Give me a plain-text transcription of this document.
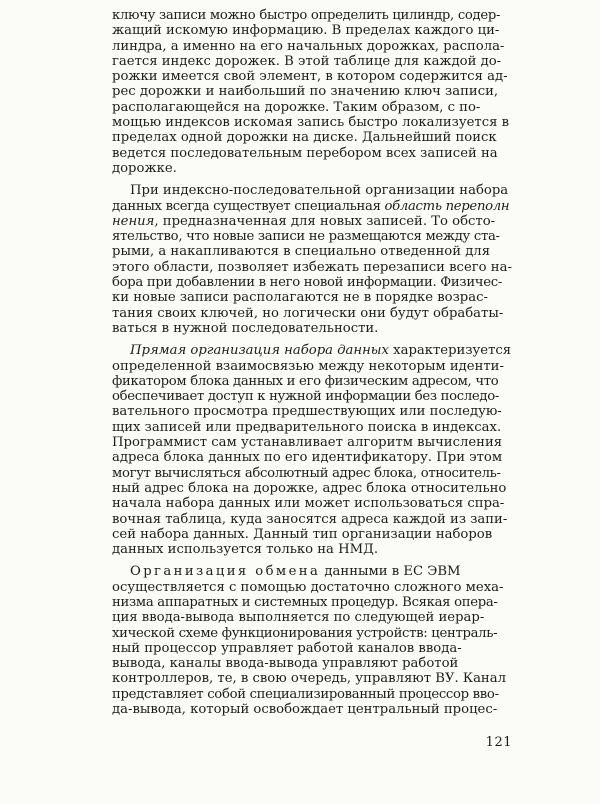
ключу записи можно быстро определить цилиндр, содер-
жащий искомую информацию. В пределах каждого ци-
линдра, а именно на его начальных дорожках, распола-
гается индекс дорожек. В этой таблице для каждой до-
рожки имеется свой элемент, в котором содержится ад-
рес дорожки и наибольший по значению ключ записи,
располагающейся на дорожке. Таким образом, с по-
мощью индексов искомая запись быстро локализуется в
пределах одной дорожки на диске. Дальнейший поиск
ведется последовательным перебором всех записей на
дорожке.

При индексно-последовательной организации набора
данных всегда существует специальная область переполн
нения, предназначенная для новых записей. То обсто-
ятельство, что новые записи не размещаются между ста-
рыми, а накапливаются в специально отведенной для
этого области, позволяет избежать перезаписи всего на-
бора при добавлении в него новой информации. Физичес-
ки новые записи располагаются не в порядке возрас-
тания своих ключей, но логически они будут обрабаты-
ваться в нужной последовательности.

Прямая организация набора данных характеризуется
определенной взаимосвязью между некоторым иденти-
фикатором блока данных и его физическим адресом, что
обеспечивает доступ к нужной информации без последо-
вательного просмотра предшествующих или последую-
щих записей или предварительного поиска в индексах.
Программист сам устанавливает алгоритм вычисления
адреса блока данных по его идентификатору. При этом
могут вычисляться абсолютный адрес блока, относитель-
ный адрес блока на дорожке, адрес блока относительно
начала набора данных или может использоваться спра-
вочная таблица, куда заносятся адреса каждой из запи-
сей набора данных. Данный тип организации наборов
данных используется только на НМД.

Организация обмена данными в ЕС ЭВМ
осуществляется с помощью достаточно сложного меха-
низма аппаратных и системных процедур. Всякая опера-
ция ввода-вывода выполняется по следующей иерар-
хической схеме функционирования устройств: централь-
ный процессор управляет работой каналов ввода-
вывода, каналы ввода-вывода управляют работой
контроллеров, те, в свою очередь, управляют ВУ. Канал
представляет собой специализированный процессор вво-
да-вывода, который освобождает центральный процес-

121
